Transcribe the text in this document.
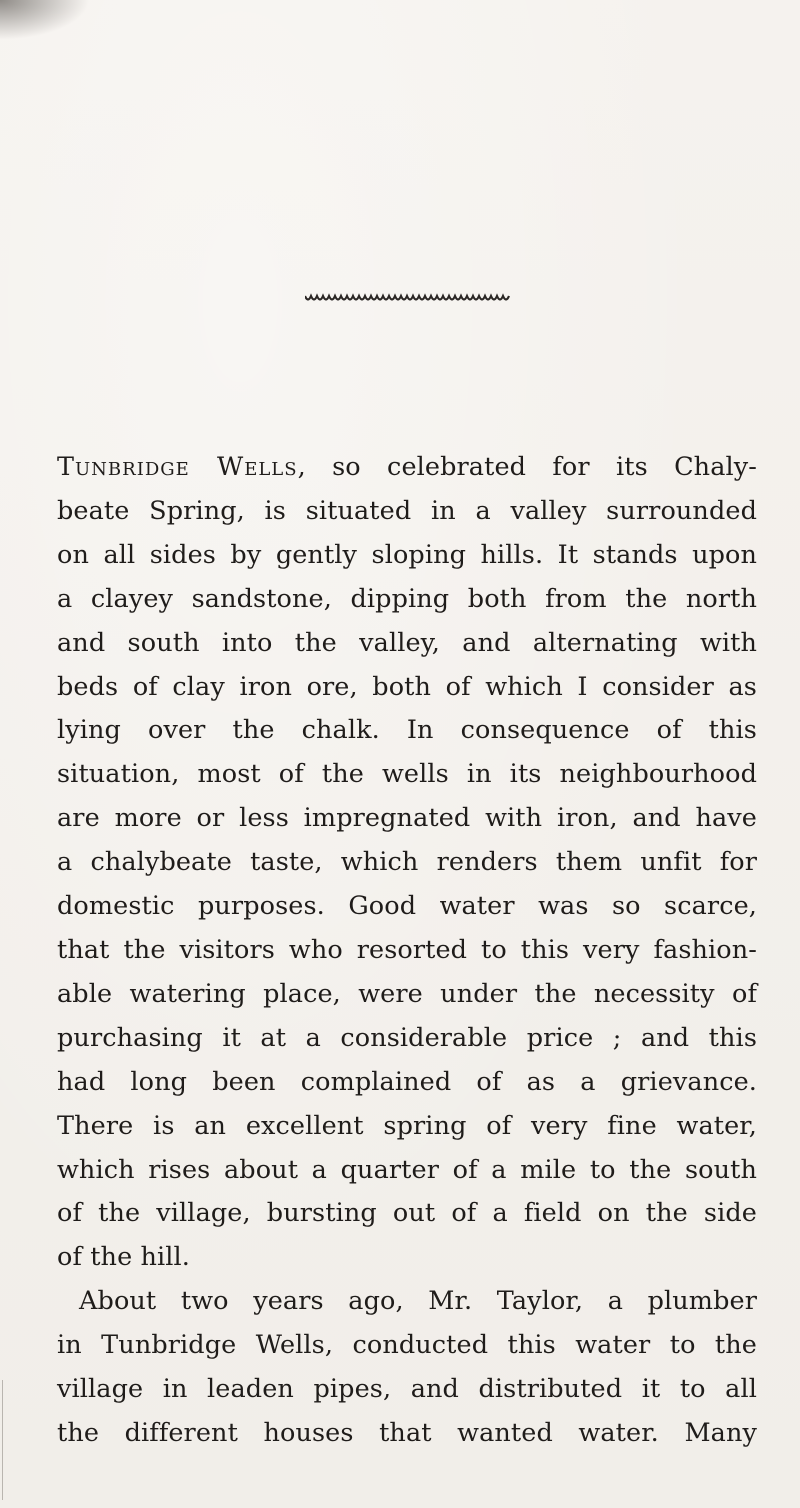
Tunbridge Wells, so celebrated for its Chaly-
beate Spring, is situated in a valley surrounded
on all sides by gently sloping hills. It stands upon
a clayey sandstone, dipping both from the north
and south into the valley, and alternating with
beds of clay iron ore, both of which I consider as
lying over the chalk. In consequence of this
situation, most of the wells in its neighbourhood
are more or less impregnated with iron, and have
a chalybeate taste, which renders them unfit for
domestic purposes. Good water was so scarce,
that the visitors who resorted to this very fashion-
able watering place, were under the necessity of
purchasing it at a considerable price ; and this
had long been complained of as a grievance.
There is an excellent spring of very fine water,
which rises about a quarter of a mile to the south
of the village, bursting out of a field on the side
of the hill.
About two years ago, Mr. Taylor, a plumber
in Tunbridge Wells, conducted this water to the
village in leaden pipes, and distributed it to all
the different houses that wanted water. Many
